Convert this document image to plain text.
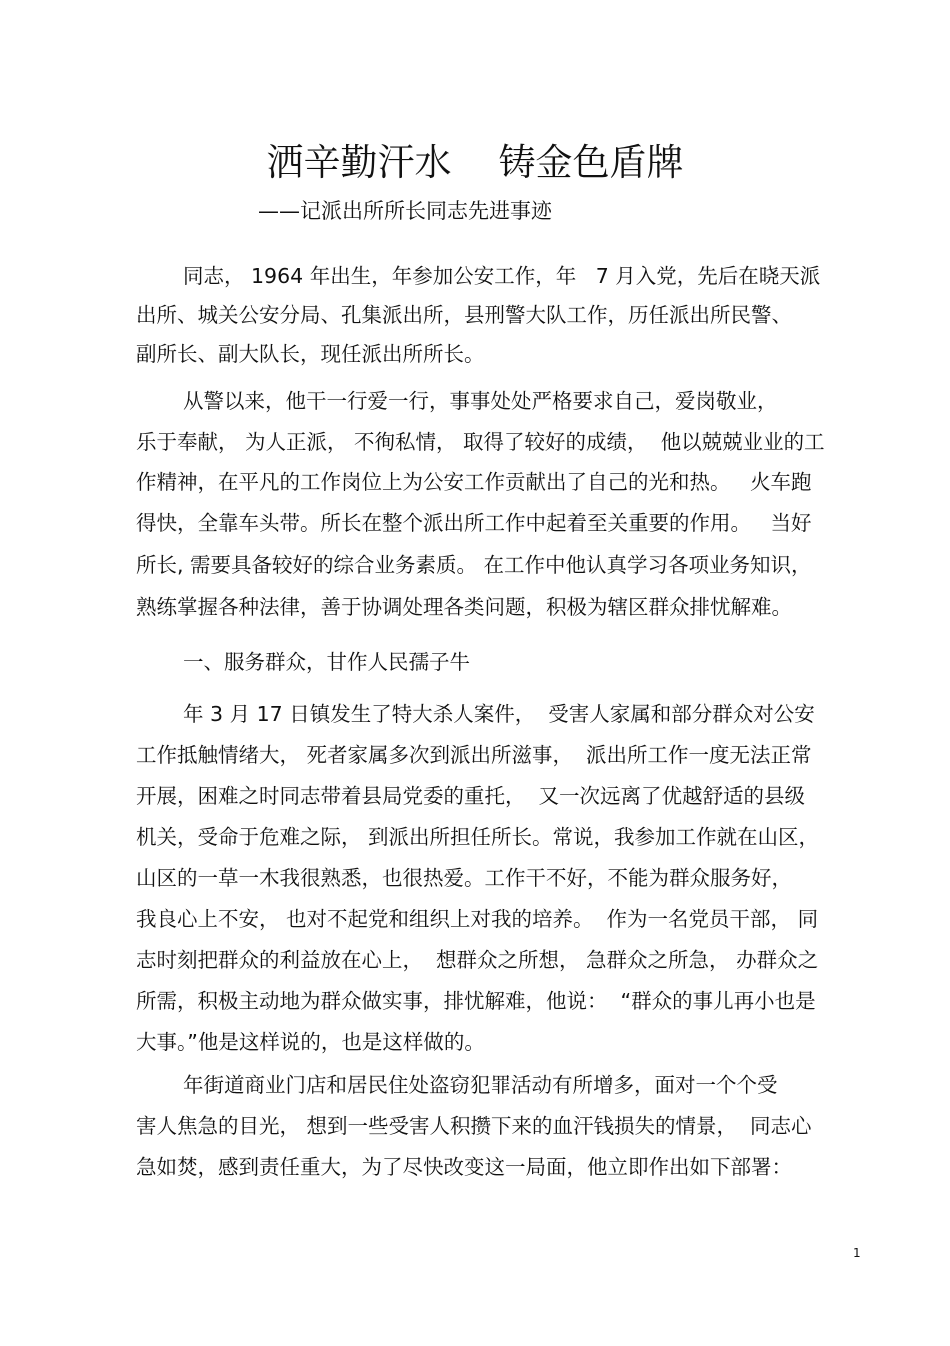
洒辛勤汗水    铸金色盾牌
——记派出所所长同志先进事迹
同志， 1964 年出生，年参加公安工作，年   7 月入党，先后在晓天派
出所、城关公安分局、孔集派出所，县刑警大队工作，历任派出所民警、
副所长、副大队长，现任派出所所长。
从警以来，他干一行爱一行，事事处处严格要求自己，爱岗敬业，
乐于奉献， 为人正派， 不徇私情， 取得了较好的成绩，  他以兢兢业业的工
作精神，在平凡的工作岗位上为公安工作贡献出了自己的光和热。   火车跑
得快，全靠车头带。所长在整个派出所工作中起着至关重要的作用。   当好
所长, 需要具备较好的综合业务素质。 在工作中他认真学习各项业务知识，
熟练掌握各种法律，善于协调处理各类问题，积极为辖区群众排忧解难。
一、服务群众，甘作人民孺子牛
年 3 月 17 日镇发生了特大杀人案件，  受害人家属和部分群众对公安
工作抵触情绪大， 死者家属多次到派出所滋事，  派出所工作一度无法正常
开展，困难之时同志带着县局党委的重托，  又一次远离了优越舒适的县级
机关，受命于危难之际， 到派出所担任所长。常说，我参加工作就在山区，
山区的一草一木我很熟悉，也很热爱。工作干不好，不能为群众服务好，
我良心上不安， 也对不起党和组织上对我的培养。  作为一名党员干部， 同
志时刻把群众的利益放在心上，  想群众之所想， 急群众之所急， 办群众之
所需，积极主动地为群众做实事，排忧解难，他说：  “群众的事儿再小也是
大事。”他是这样说的，也是这样做的。
年街道商业门店和居民住处盗窃犯罪活动有所增多，面对一个个受
害人焦急的目光， 想到一些受害人积攒下来的血汗钱损失的情景，  同志心
急如焚，感到责任重大，为了尽快改变这一局面，他立即作出如下部署：
1
